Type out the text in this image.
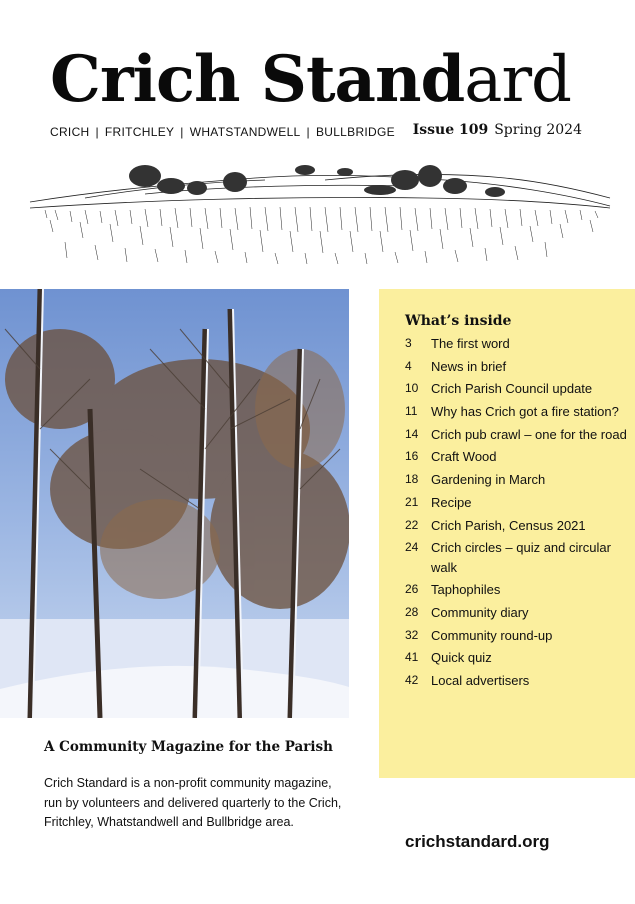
Crich Standard
CRICH | FRITCHLEY | WHATSTANDWELL | BULLBRIDGE Issue 109 Spring 2024
What’s inside
3	The first word
4	News in brief
10 Crich Parish Council update
11	Why has Crich got a fire station?
14 Crich pub crawl – one for the road
16 Craft Wood
18 Gardening in March
21 Recipe
22 Crich Parish, Census 2021
24 Crich circles – quiz and circular walk
26 Taphophiles
28 Community diary
32 Community round-up
41 Quick quiz
42 Local advertisers
A Community Magazine for the Parish

Crich Standard is a non-profit community magazine, run by volunteers and delivered quarterly to the Crich, Fritchley, Whatstandwell and Bullbridge area.

crichstandard.org
